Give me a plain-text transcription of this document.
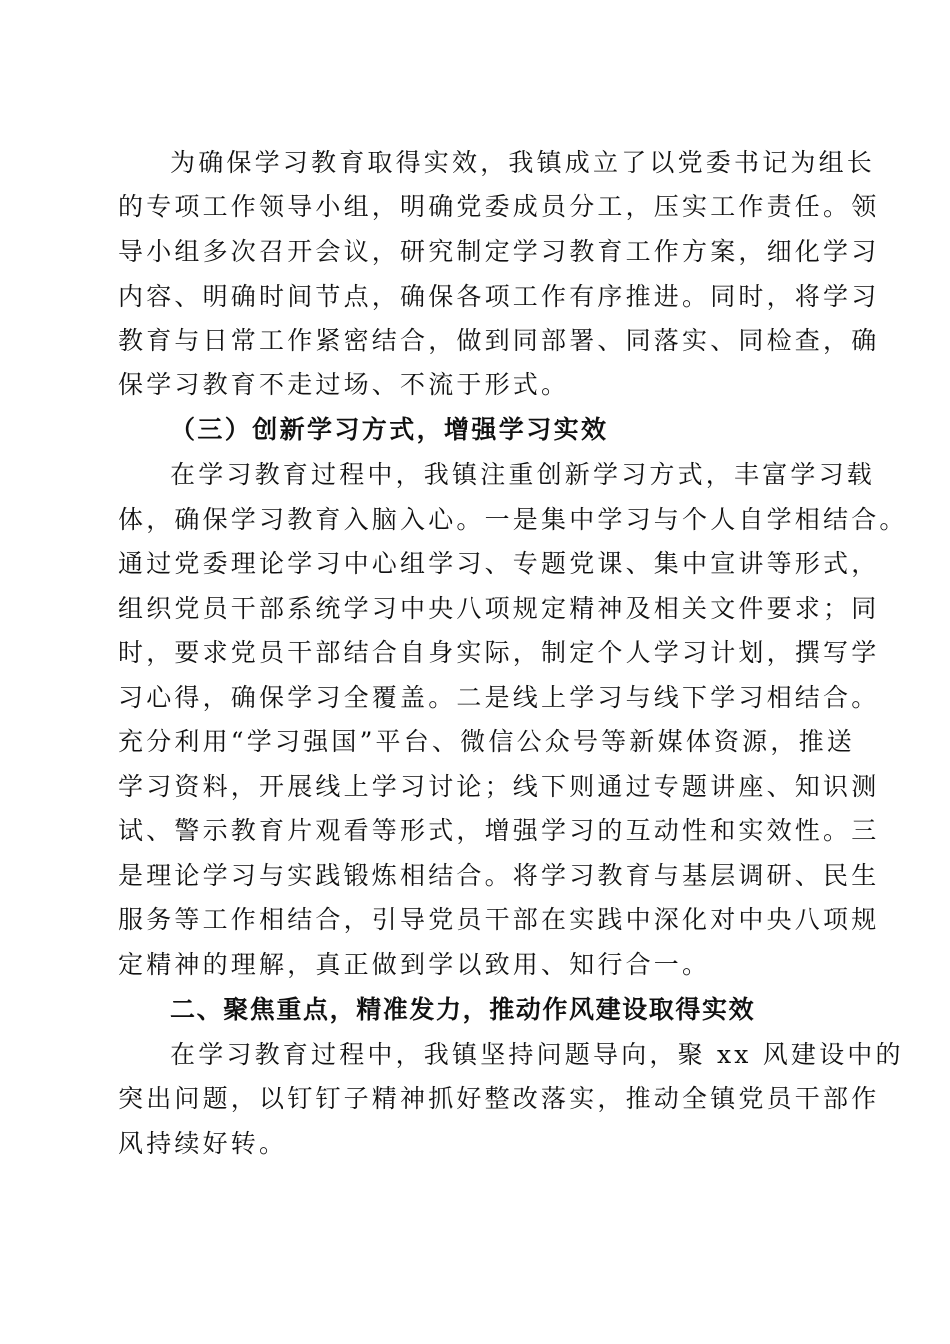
为确保学习教育取得实效，我镇成立了以党委书记为组长
的专项工作领导小组，明确党委成员分工，压实工作责任。领
导小组多次召开会议，研究制定学习教育工作方案，细化学习
内容、明确时间节点，确保各项工作有序推进。同时，将学习
教育与日常工作紧密结合，做到同部署、同落实、同检查，确
保学习教育不走过场、不流于形式。
（三）创新学习方式，增强学习实效
在学习教育过程中，我镇注重创新学习方式，丰富学习载
体，确保学习教育入脑入心。一是集中学习与个人自学相结合。
通过党委理论学习中心组学习、专题党课、集中宣讲等形式，
组织党员干部系统学习中央八项规定精神及相关文件要求；同
时，要求党员干部结合自身实际，制定个人学习计划，撰写学
习心得，确保学习全覆盖。二是线上学习与线下学习相结合。
充分利用“学习强国”平台、微信公众号等新媒体资源，推送
学习资料，开展线上学习讨论；线下则通过专题讲座、知识测
试、警示教育片观看等形式，增强学习的互动性和实效性。三
是理论学习与实践锻炼相结合。将学习教育与基层调研、民生
服务等工作相结合，引导党员干部在实践中深化对中央八项规
定精神的理解，真正做到学以致用、知行合一。
二、聚焦重点，精准发力，推动作风建设取得实效
在学习教育过程中，我镇坚持问题导向，聚 xx 风建设中的
突出问题，以钉钉子精神抓好整改落实，推动全镇党员干部作
风持续好转。
